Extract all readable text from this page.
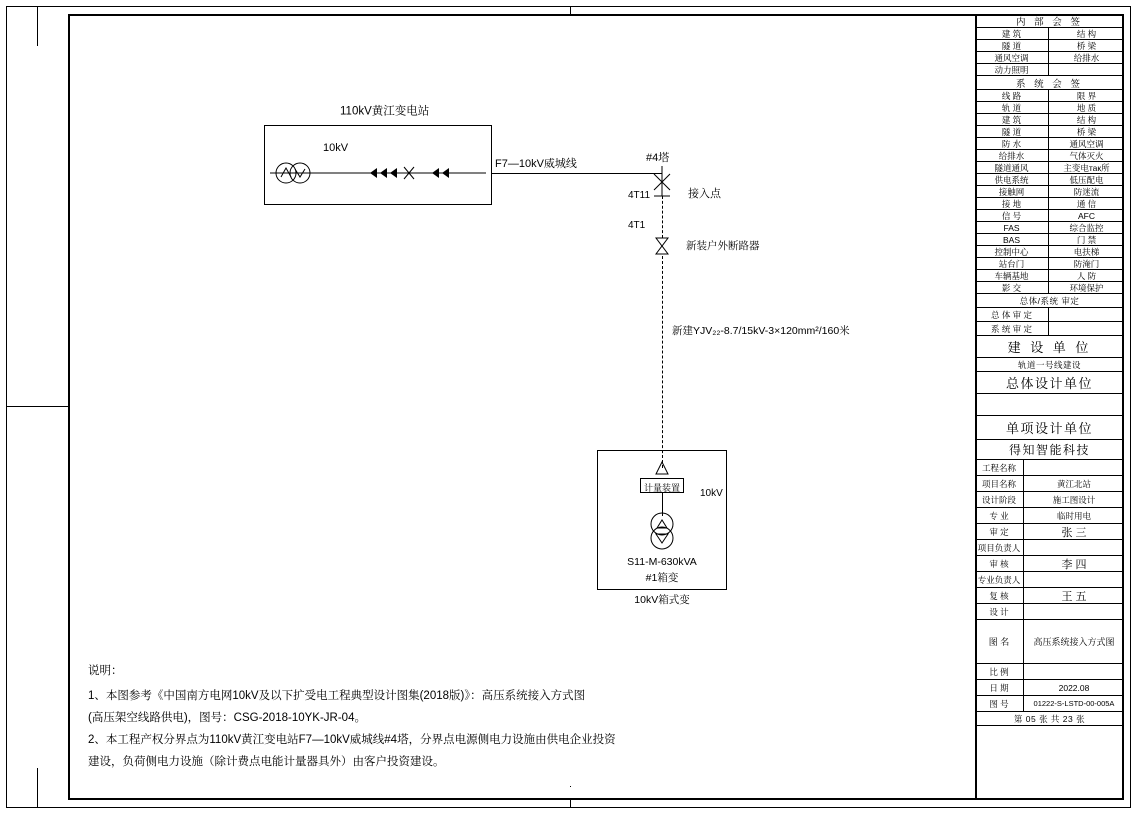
110kV黄江变电站
10kV
F7—10kV威城线	#4塔
接入点
4T11
4T1
新装户外断路器
新建YJV₂₂-8.7/15kV-3×120mm²/160米
计量装置	10kV
S11-M-630kVA
#1箱变
10kV箱式变
说明：
1、本图参考《中国南方电网10kV及以下扩受电工程典型设计图集(2018版)》：高压系统接入方式图
(高压架空线路供电)，图号：CSG-2018-10YK-JR-04。
2、本工程产权分界点为110kV黄江变电站F7—10kV威城线#4塔，分界点电源侧电力设施由供电企业投资
建设，负荷侧电力设施（除计费点电能计量器具外）由客户投资建设。
内 部 会 签
建 筑	结 构
隧 道	桥 梁
通风空调	给排水
动力照明
系 统 会 签
线 路	限 界
轨 道	地 质
建 筑	结 构
隧 道	桥 梁
防 水	通风空调
给排水	气体灭火
隧道通风	主变电так所
供电系统	低压配电
接触网	防迷流
接 地	通 信
信 号	AFC
FAS	综合监控
BAS	门 禁
控制中心	电扶梯
站台门	防淹门
车辆基地	人 防
影 交	环境保护
总体/系统 审定
总 体 审 定
系 统 审 定
建 设 单 位
轨道一号线建设
总体设计单位
单项设计单位
得知智能科技
工程名称
项目名称	黄江北站
设计阶段	施工图设计
专 业	临时用电
审 定	张 三
项目负责人
审 核	李 四
专业负责人
复 核	王 五
设 计
图 名	高压系统接入方式图
比 例
日 期	2022.08
图 号	01222-S-LSTD-00-005A
第 05 张 共 23 张
